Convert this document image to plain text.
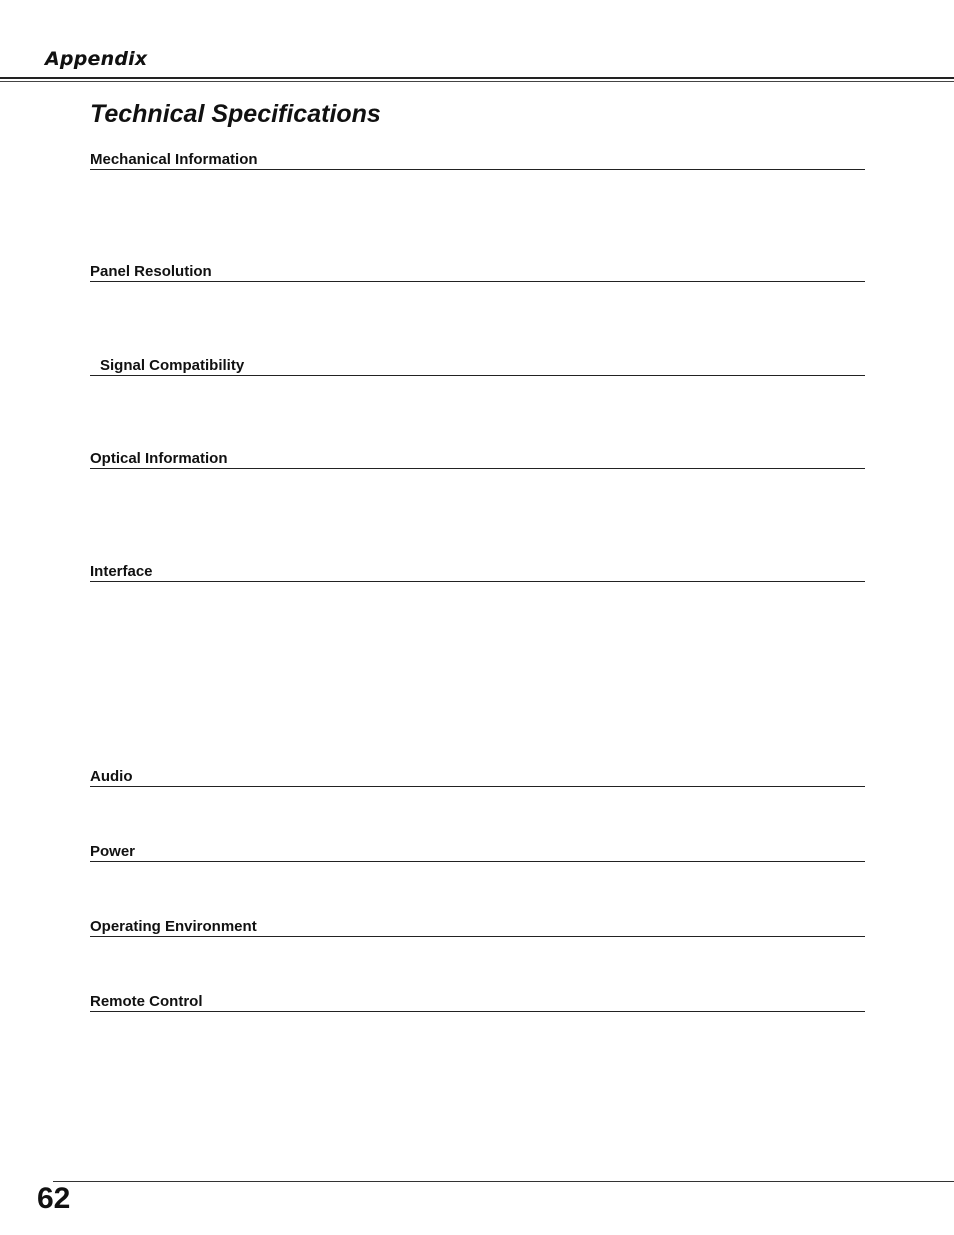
Appendix
Technical Specifications
Mechanical Information
Panel Resolution
Signal Compatibility
Optical Information
Interface
Audio
Power
Operating Environment
Remote Control
62
